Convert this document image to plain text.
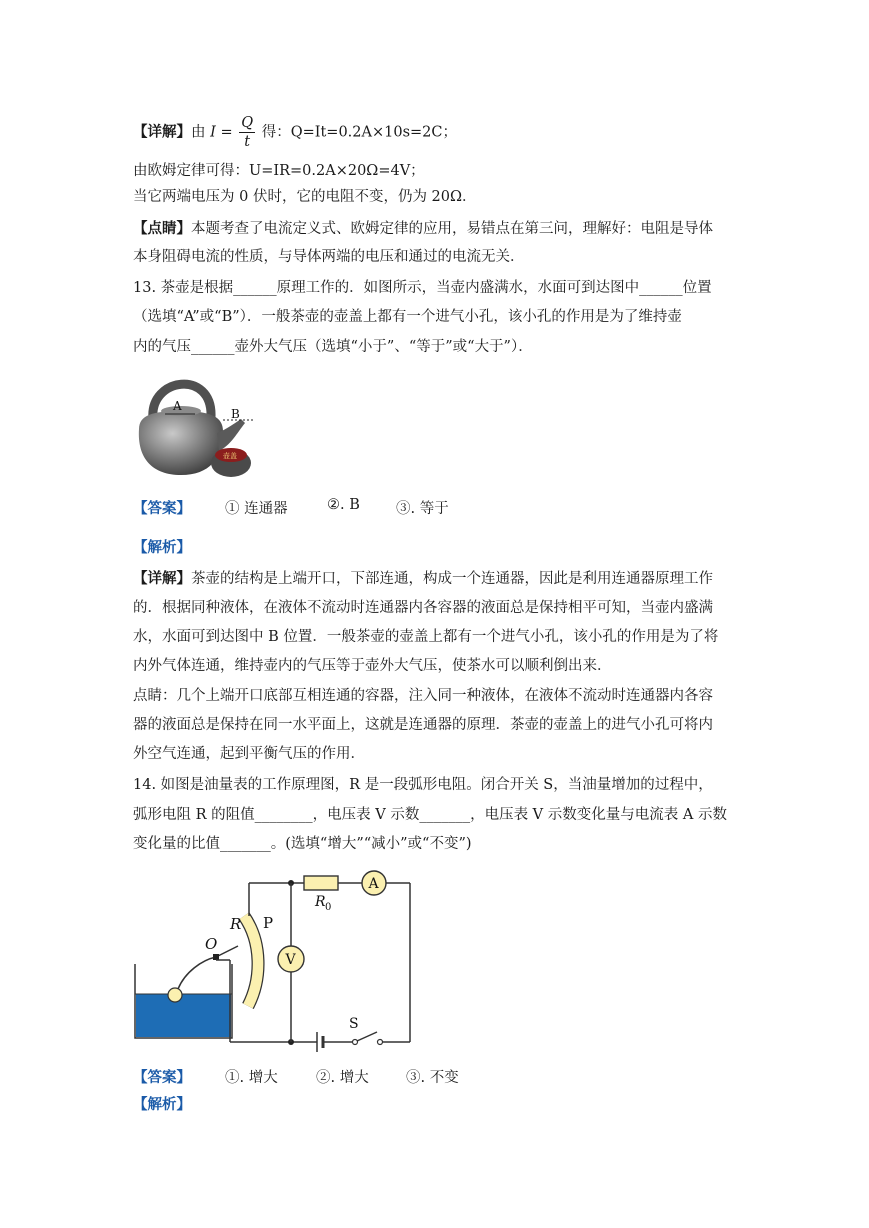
【详解】由 $I = \frac{Q}{t}$ 得：Q=It=0.2A×10s=2C；
由欧姆定律可得：U=IR=0.2A×20Ω=4V；
当它两端电压为 0 伏时，它的电阻不变，仍为 20Ω．
【点睛】本题考查了电流定义式、欧姆定律的应用，易错点在第三问，理解好：电阻是导体
本身阻碍电流的性质，与导体两端的电压和通过的电流无关．
13. 茶壶是根据______原理工作的．如图所示，当壶内盛满水，水面可到达图中______位置
（选填“A”或“B”）．一般茶壶的壶盖上都有一个进气小孔，该小孔的作用是为了维持壶
内的气压______壶外大气压（选填“小于”、“等于”或“大于”）．
A
B
壶盖
【答案】 ① 连通器	②. B ③. 等于
【解析】
【详解】茶壶的结构是上端开口，下部连通，构成一个连通器，因此是利用连通器原理工作
的．根据同种液体，在液体不流动时连通器内各容器的液面总是保持相平可知，当壶内盛满
水，水面可到达图中 B 位置．一般茶壶的壶盖上都有一个进气小孔，该小孔的作用是为了将
内外气体连通，维持壶内的气压等于壶外大气压，使茶水可以顺利倒出来．
点睛：几个上端开口底部互相连通的容器，注入同一种液体，在液体不流动时连通器内各容
器的液面总是保持在同一水平面上，这就是连通器的原理．茶壶的壶盖上的进气小孔可将内
外空气连通，起到平衡气压的作用．
14. 如图是油量表的工作原理图，R 是一段弧形电阻。闭合开关 S，当油量增加的过程中，
弧形电阻 R 的阻值________，电压表 V 示数_______，电压表 V 示数变化量与电流表 A 示数
变化量的比值_______。(选填“增大”“减小”或“不变”)
O
R P
R 0
A
V
S
【答案】 ①. 增大	②. 增大	③. 不变
【解析】
